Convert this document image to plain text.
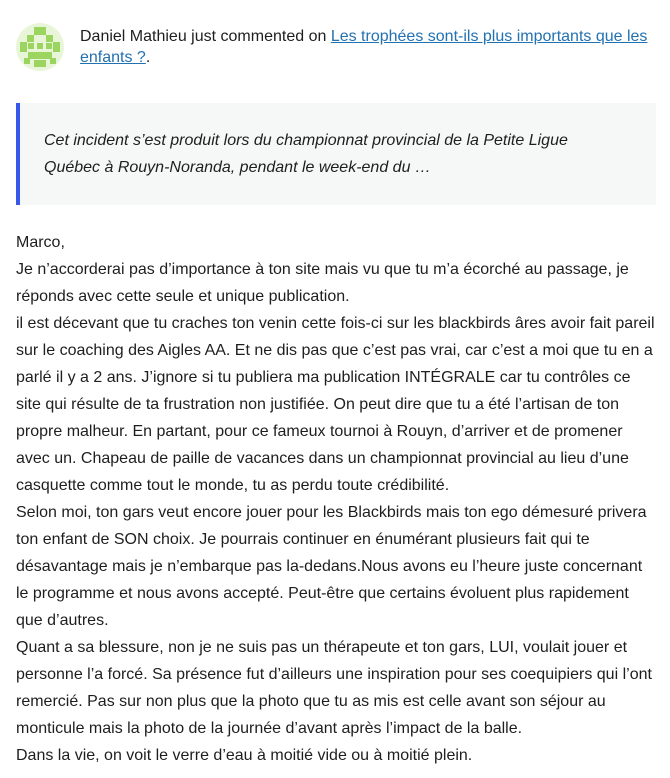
Daniel Mathieu just commented on Les trophées sont-ils plus importants que les enfants ?.

Cet incident s’est produit lors du championnat provincial de la Petite Ligue

Québec à Rouyn-Noranda, pendant le week-end du …

Marco,

Je n’accorderai pas d’importance à ton site mais vu que tu m’a écorché au passage, je réponds avec cette seule et unique publication.

il est décevant que tu craches ton venin cette fois-ci sur les blackbirds âres avoir fait pareil sur le coaching des Aigles AA. Et ne dis pas que c’est pas vrai, car c’est a moi que tu en a parlé il y a 2 ans. J’ignore si tu publiera ma publication INTÉGRALE car tu contrôles ce site qui résulte de ta frustration non justifiée. On peut dire que tu a été l’artisan de ton propre malheur. En partant, pour ce fameux tournoi à Rouyn, d’arriver et de promener avec un. Chapeau de paille de vacances dans un championnat provincial au lieu d’une casquette comme tout le monde, tu as perdu toute crédibilité.

Selon moi, ton gars veut encore jouer pour les Blackbirds mais ton ego démesuré privera ton enfant de SON choix. Je pourrais continuer en énumérant plusieurs fait qui te désavantage mais je n’embarque pas la-dedans.Nous avons eu l’heure juste concernant le programme et nous avons accepté. Peut-être que certains évoluent plus rapidement que d’autres.

Quant a sa blessure, non je ne suis pas un thérapeute et ton gars, LUI, voulait jouer et personne l’a forcé. Sa présence fut d’ailleurs une inspiration pour ses coequipiers qui l’ont remercié. Pas sur non plus que la photo que tu as mis est celle avant son séjour au monticule mais la photo de la journée d’avant après l’impact de la balle.

Dans la vie, on voit le verre d’eau à moitié vide ou à moitié plein.
